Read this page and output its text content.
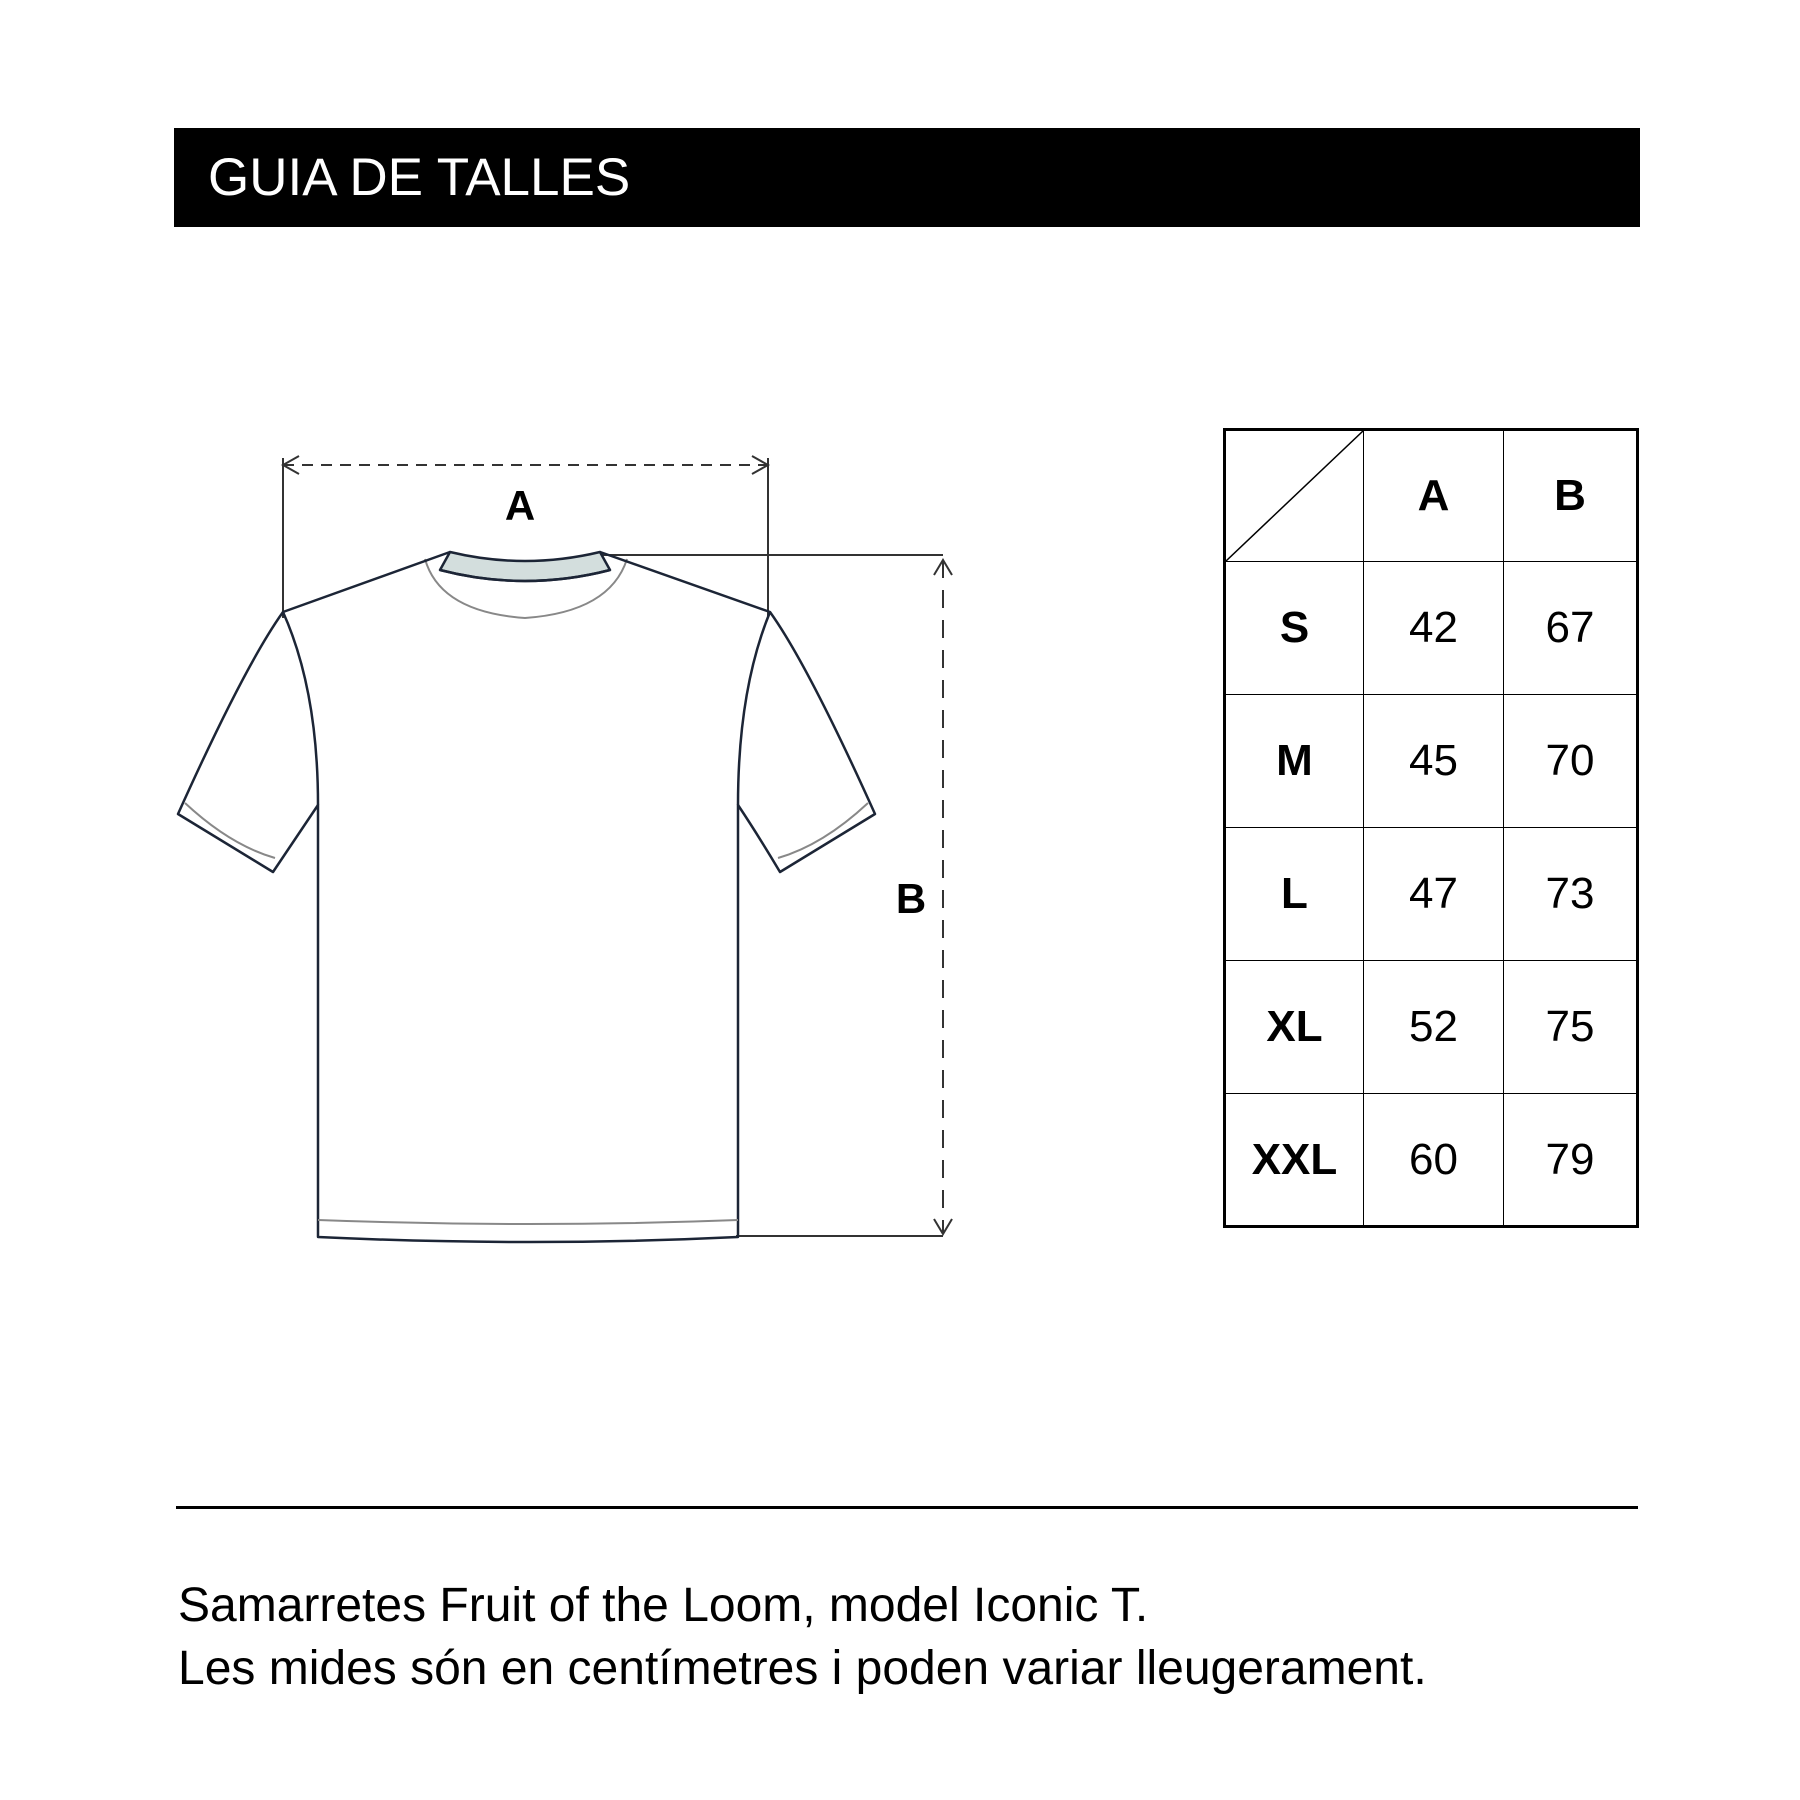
GUIA DE TALLES
A
B
	A	B
S	42	67
M	45	70
L	47	73
XL	52	75
XXL	60	79
Samarretes Fruit of the Loom, model Iconic T.
Les mides són en centímetres i poden variar lleugerament.
